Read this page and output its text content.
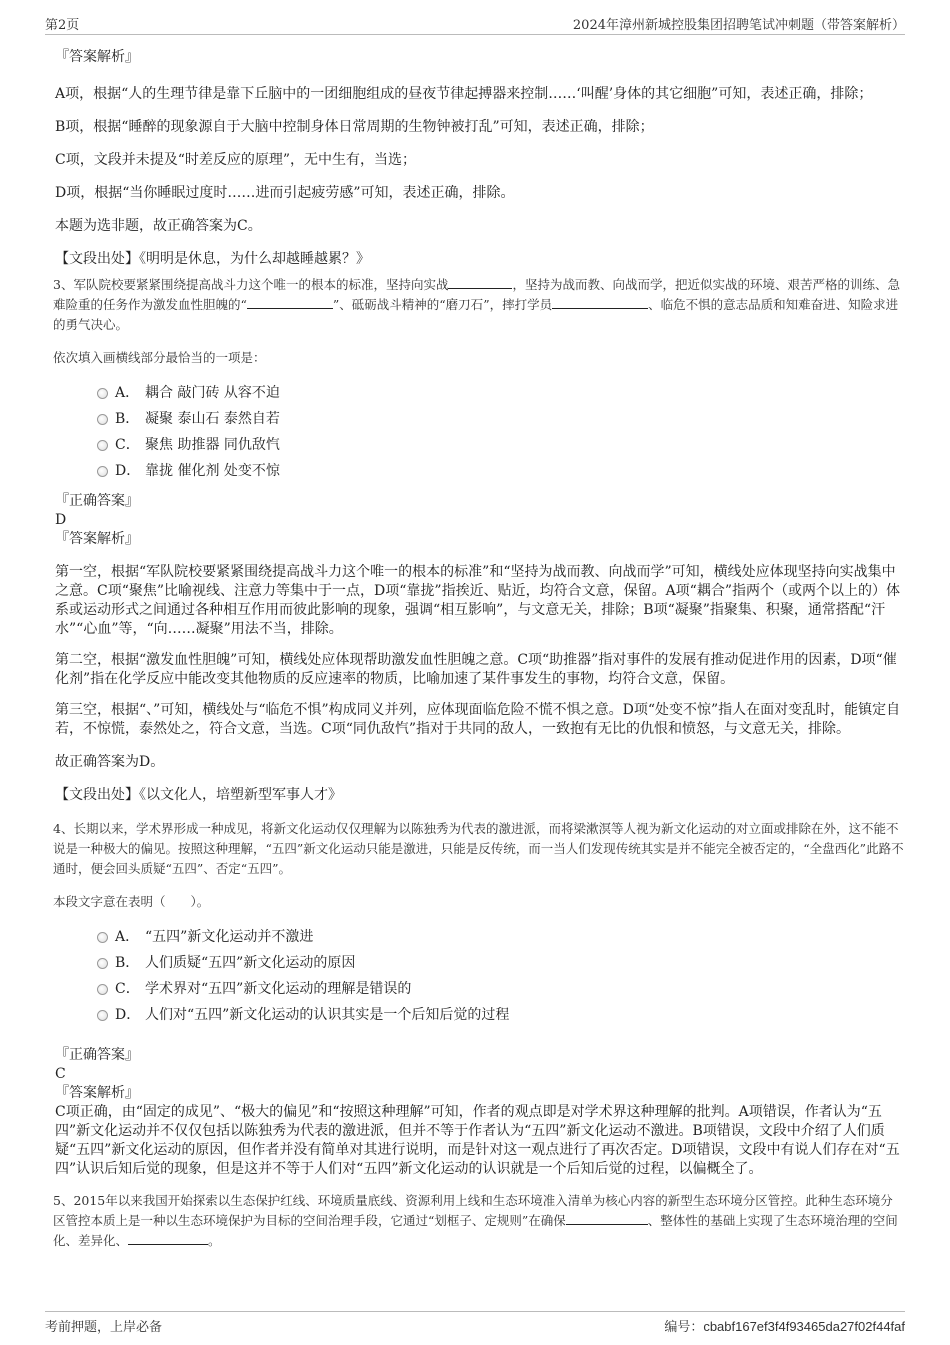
第2页	2024年漳州新城控股集团招聘笔试冲刺题（带答案解析）

『答案解析』

A项，根据“人的生理节律是靠下丘脑中的一团细胞组成的昼夜节律起搏器来控制……‘叫醒’身体的其它细胞”可知，表述正确，排除；

B项，根据“睡醉的现象源自于大脑中控制身体日常周期的生物钟被打乱”可知，表述正确，排除；

C项，文段并未提及“时差反应的原理”，无中生有，当选；

D项，根据“当你睡眠过度时……进而引起疲劳感”可知，表述正确，排除。

本题为选非题，故正确答案为C。

【文段出处】《明明是休息，为什么却越睡越累？》

3、军队院校要紧紧围绕提高战斗力这个唯一的根本的标准，坚持向实战	，坚持为战而教、向战而学，把近似实战的环境、艰苦严格的训练、急难险重的任务作为激发血性胆魄的“	”、砥砺战斗精神的“磨刀石”，摔打学员	、临危不惧的意志品质和知难奋进、知险求进的勇气决心。

依次填入画横线部分最恰当的一项是：

A． 耦合 敲门砖 从容不迫
B． 凝聚 泰山石 泰然自若
C． 聚焦 助推器 同仇敌忾
D． 靠拢 催化剂 处变不惊

『正确答案』

D

『答案解析』

第一空，根据“军队院校要紧紧围绕提高战斗力这个唯一的根本的标准”和“坚持为战而教、向战而学”可知，横线处应体现坚持向实战集中之意。C项“聚焦”比喻视线、注意力等集中于一点，D项“靠拢”指挨近、贴近，均符合文意，保留。A项“耦合”指两个（或两个以上的）体系或运动形式之间通过各种相互作用而彼此影响的现象，强调“相互影响”，与文意无关，排除；B项“凝聚”指聚集、积聚，通常搭配“汗水”“心血”等，“向……凝聚”用法不当，排除。

第二空，根据“激发血性胆魄”可知，横线处应体现帮助激发血性胆魄之意。C项“助推器”指对事件的发展有推动促进作用的因素，D项“催化剂”指在化学反应中能改变其他物质的反应速率的物质，比喻加速了某件事发生的事物，均符合文意，保留。

第三空，根据“、”可知，横线处与“临危不惧”构成同义并列，应体现面临危险不慌不惧之意。D项“处变不惊”指人在面对变乱时，能镇定自若，不惊慌，泰然处之，符合文意，当选。C项“同仇敌忾”指对于共同的敌人，一致抱有无比的仇恨和愤怒，与文意无关，排除。

故正确答案为D。

【文段出处】《以文化人，培塑新型军事人才》

4、长期以来，学术界形成一种成见，将新文化运动仅仅理解为以陈独秀为代表的激进派，而将梁漱溟等人视为新文化运动的对立面或排除在外，这不能不说是一种极大的偏见。按照这种理解，“五四”新文化运动只能是激进，只能是反传统，而一当人们发现传统其实是并不能完全被否定的，“全盘西化”此路不通时，便会回头质疑“五四”、否定“五四”。

本段文字意在表明（　　）。

A． “五四”新文化运动并不激进
B． 人们质疑“五四”新文化运动的原因
C． 学术界对“五四”新文化运动的理解是错误的
D． 人们对“五四”新文化运动的认识其实是一个后知后觉的过程

『正确答案』

C

『答案解析』

C项正确，由“固定的成见”、“极大的偏见”和“按照这种理解”可知，作者的观点即是对学术界这种理解的批判。A项错误，作者认为“五四”新文化运动并不仅仅包括以陈独秀为代表的激进派，但并不等于作者认为“五四”新文化运动不激进。B项错误，文段中介绍了人们质疑“五四”新文化运动的原因，但作者并没有简单对其进行说明，而是针对这一观点进行了再次否定。D项错误，文段中有说人们存在对“五四”认识后知后觉的现象，但是这并不等于人们对“五四”新文化运动的认识就是一个后知后觉的过程，以偏概全了。

5、2015年以来我国开始探索以生态保护红线、环境质量底线、资源利用上线和生态环境准入清单为核心内容的新型生态环境分区管控。此种生态环境分区管控本质上是一种以生态环境保护为目标的空间治理手段，它通过“划框子、定规则”在确保	、整体性的基础上实现了生态环境治理的空间化、差异化、	。

考前押题，上岸必备	编号：cbabf167ef3f4f93465da27f02f44faf
